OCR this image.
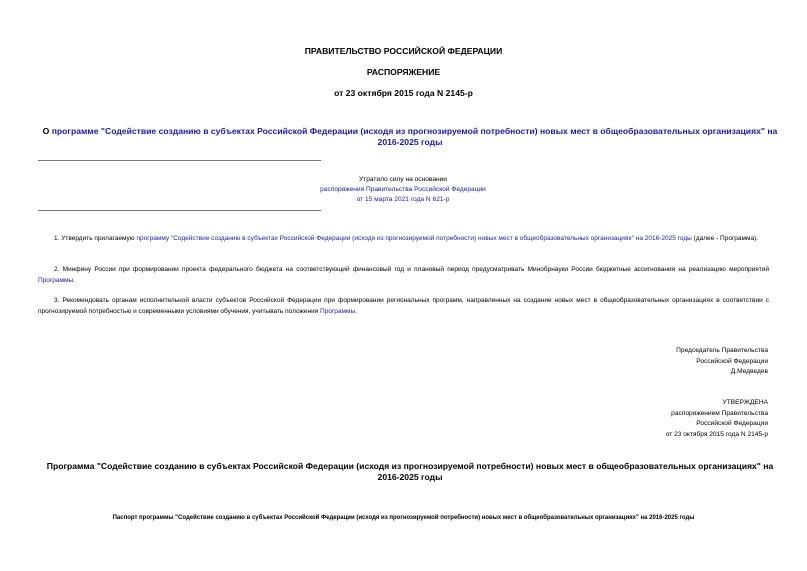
ПРАВИТЕЛЬСТВО РОССИЙСКОЙ ФЕДЕРАЦИИ
РАСПОРЯЖЕНИЕ
от 23 октября 2015 года N 2145-р
О программе "Содействие созданию в субъектах Российской Федерации (исходя из прогнозируемой потребности) новых мест в общеобразовательных организациях" на 2016-2025 годы
Утратило силу на основании
распоряжения Правительства Российской Федерации
от 15 марта 2021 года N 621-р
1. Утвердить прилагаемую программу "Содействие созданию в субъектах Российской Федерации (исходя из прогнозируемой потребности) новых мест в общеобразовательных организациях" на 2016-2025 годы (далее - Программа).
2. Минфину России при формировании проекта федерального бюджета на соответствующий финансовый год и плановый период предусматривать Минобрнауки России бюджетные ассигнования на реализацию мероприятий Программы.
3. Рекомендовать органам исполнительной власти субъектов Российской Федерации при формировании региональных программ, направленных на создание новых мест в общеобразовательных организациях в соответствии с прогнозируемой потребностью и современными условиями обучения, учитывать положения Программы.
Председатель Правительства
Российской Федерации
Д.Медведев
УТВЕРЖДЕНА
распоряжением Правительства
Российской Федерации
от 23 октября 2015 года N 2145-р
Программа "Содействие созданию в субъектах Российской Федерации (исходя из прогнозируемой потребности) новых мест в общеобразовательных организациях" на 2016-2025 годы
Паспорт программы "Содействие созданию в субъектах Российской Федерации (исходя из прогнозируемой потребности) новых мест в общеобразовательных организациях" на 2016-2025 годы
